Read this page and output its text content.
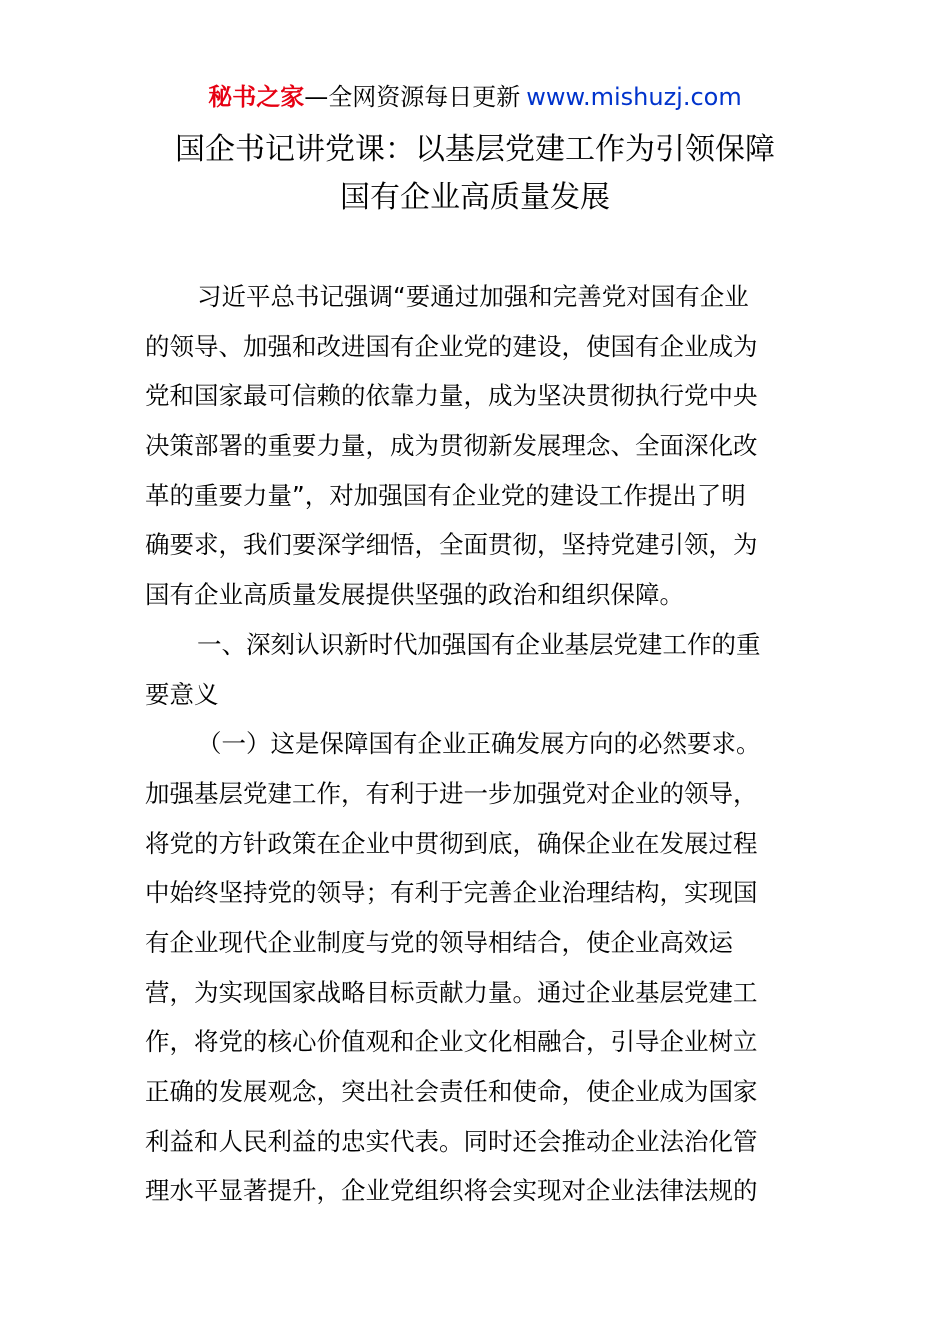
秘书之家—全网资源每日更新 www.mishuzj.com
国企书记讲党课：以基层党建工作为引领保障
国有企业高质量发展
习近平总书记强调“要通过加强和完善党对国有企业
的领导、加强和改进国有企业党的建设，使国有企业成为
党和国家最可信赖的依靠力量，成为坚决贯彻执行党中央
决策部署的重要力量，成为贯彻新发展理念、全面深化改
革的重要力量”，对加强国有企业党的建设工作提出了明
确要求，我们要深学细悟，全面贯彻，坚持党建引领，为
国有企业高质量发展提供坚强的政治和组织保障。
一、深刻认识新时代加强国有企业基层党建工作的重
要意义
（一）这是保障国有企业正确发展方向的必然要求。
加强基层党建工作，有利于进一步加强党对企业的领导，
将党的方针政策在企业中贯彻到底，确保企业在发展过程
中始终坚持党的领导；有利于完善企业治理结构，实现国
有企业现代企业制度与党的领导相结合，使企业高效运
营，为实现国家战略目标贡献力量。通过企业基层党建工
作，将党的核心价值观和企业文化相融合，引导企业树立
正确的发展观念，突出社会责任和使命，使企业成为国家
利益和人民利益的忠实代表。同时还会推动企业法治化管
理水平显著提升，企业党组织将会实现对企业法律法规的
